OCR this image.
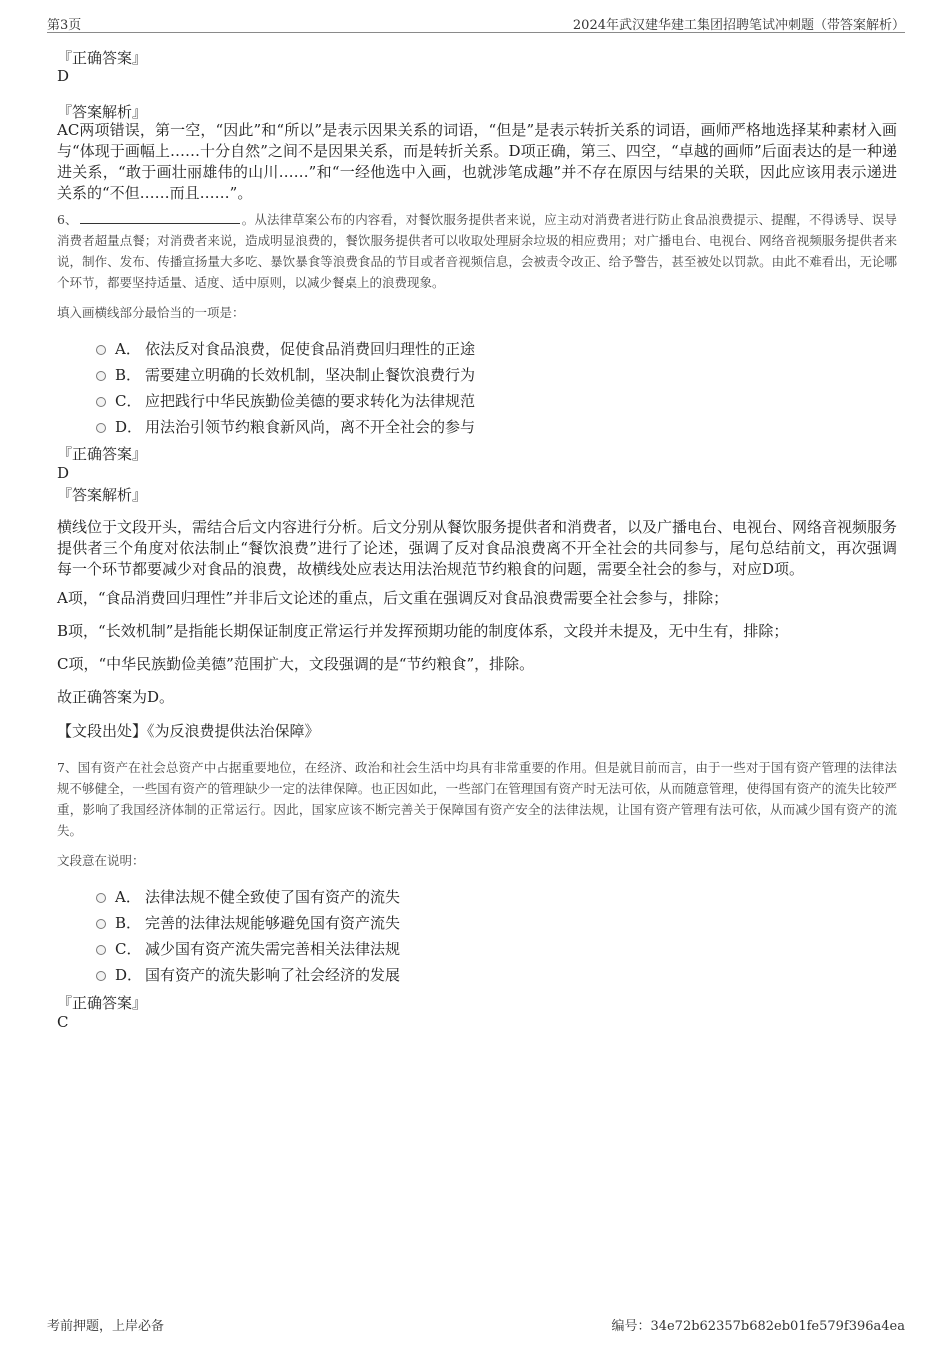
第3页	2024年武汉建华建工集团招聘笔试冲刺题（带答案解析）
『正确答案』
D
『答案解析』
AC两项错误，第一空，“因此”和“所以”是表示因果关系的词语，“但是”是表示转折关系的词语，画师严格地选择某种素材入画与“体现于画幅上……十分自然”之间不是因果关系，而是转折关系。D项正确，第三、四空，“卓越的画师”后面表达的是一种递进关系，“敢于画壮丽雄伟的山川……”和“一经他选中入画，也就涉笔成趣”并不存在原因与结果的关联，因此应该用表示递进关系的“不但……而且……”。
6、	。从法律草案公布的内容看，对餐饮服务提供者来说，应主动对消费者进行防止食品浪费提示、提醒，不得诱导、误导消费者超量点餐；对消费者来说，造成明显浪费的，餐饮服务提供者可以收取处理厨余垃圾的相应费用；对广播电台、电视台、网络音视频服务提供者来说，制作、发布、传播宣扬量大多吃、暴饮暴食等浪费食品的节目或者音视频信息，会被责令改正、给予警告，甚至被处以罚款。由此不难看出，无论哪个环节，都要坚持适量、适度、适中原则，以减少餐桌上的浪费现象。
填入画横线部分最恰当的一项是：
A． 依法反对食品浪费，促使食品消费回归理性的正途
B． 需要建立明确的长效机制，坚决制止餐饮浪费行为
C． 应把践行中华民族勤俭美德的要求转化为法律规范
D． 用法治引领节约粮食新风尚，离不开全社会的参与
『正确答案』
D
『答案解析』
横线位于文段开头，需结合后文内容进行分析。后文分别从餐饮服务提供者和消费者，以及广播电台、电视台、网络音视频服务提供者三个角度对依法制止“餐饮浪费”进行了论述，强调了反对食品浪费离不开全社会的共同参与，尾句总结前文，再次强调每一个环节都要减少对食品的浪费，故横线处应表达用法治规范节约粮食的问题，需要全社会的参与，对应D项。
A项，“食品消费回归理性”并非后文论述的重点，后文重在强调反对食品浪费需要全社会参与，排除；
B项，“长效机制”是指能长期保证制度正常运行并发挥预期功能的制度体系，文段并未提及，无中生有，排除；
C项，“中华民族勤俭美德”范围扩大，文段强调的是“节约粮食”，排除。
故正确答案为D。
【文段出处】《为反浪费提供法治保障》
7、国有资产在社会总资产中占据重要地位，在经济、政治和社会生活中均具有非常重要的作用。但是就目前而言，由于一些对于国有资产管理的法律法规不够健全，一些国有资产的管理缺少一定的法律保障。也正因如此，一些部门在管理国有资产时无法可依，从而随意管理，使得国有资产的流失比较严重，影响了我国经济体制的正常运行。因此，国家应该不断完善关于保障国有资产安全的法律法规，让国有资产管理有法可依，从而减少国有资产的流失。
文段意在说明：
A． 法律法规不健全致使了国有资产的流失
B． 完善的法律法规能够避免国有资产流失
C． 减少国有资产流失需完善相关法律法规
D． 国有资产的流失影响了社会经济的发展
『正确答案』
C
考前押题，上岸必备	编号：34e72b62357b682eb01fe579f396a4ea
